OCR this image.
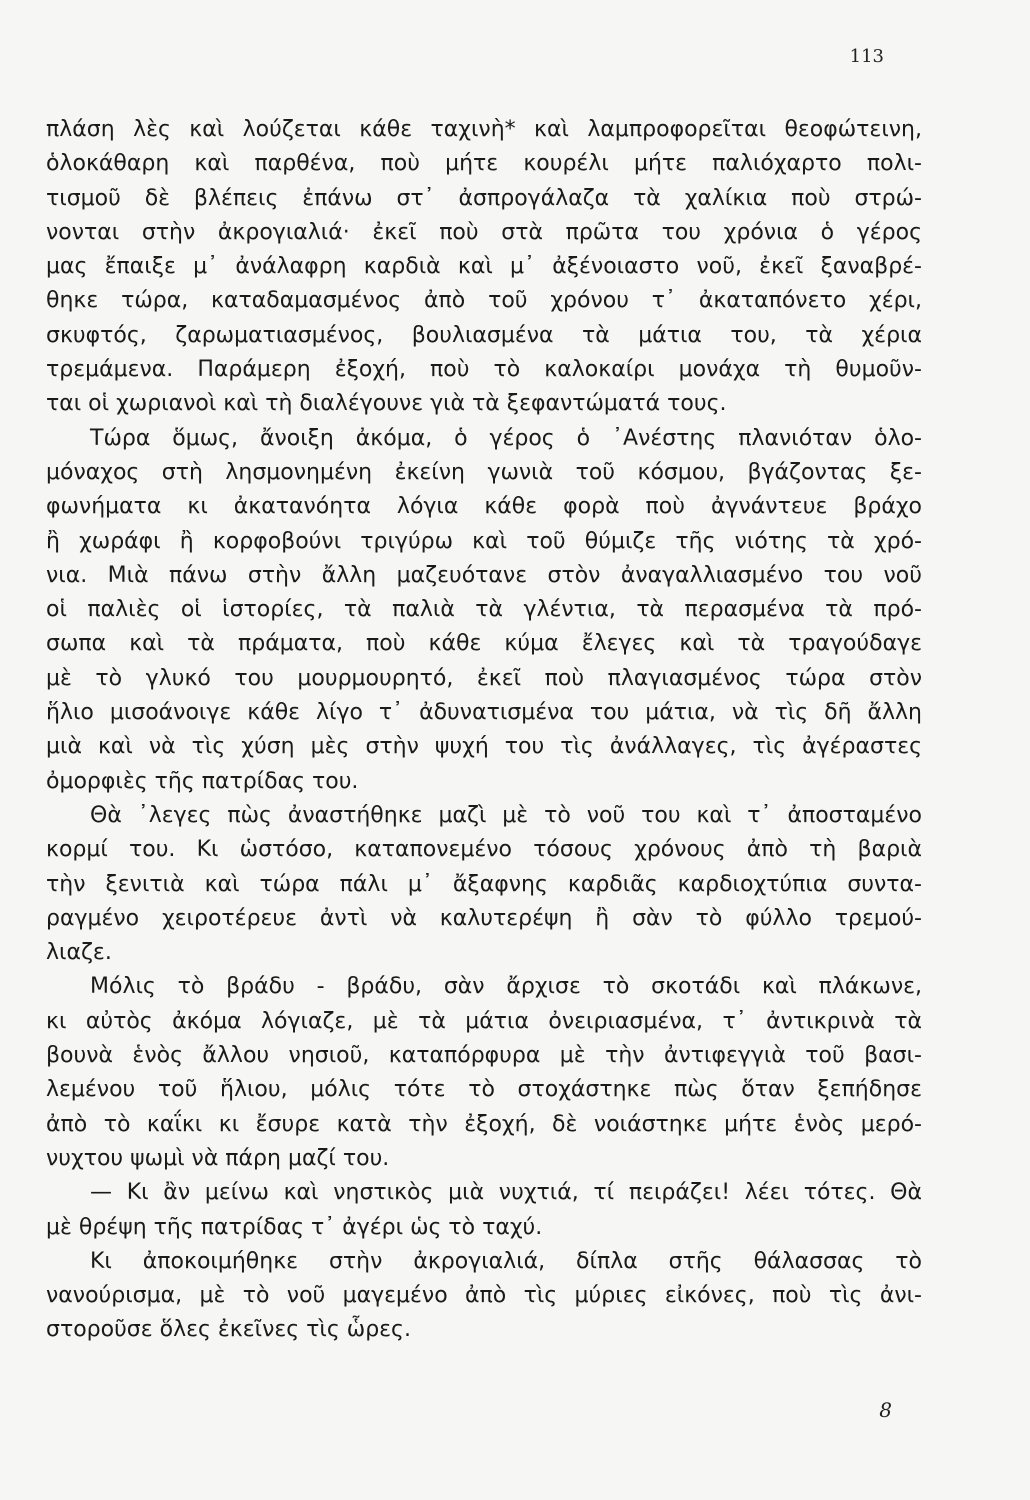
113
πλάση λὲς καὶ λούζεται κάθε ταχινὴ* καὶ λαμπροφορεῖται θεοφώτεινη,
ὁλοκάθαρη καὶ παρθένα, ποὺ μήτε κουρέλι μήτε παλιόχαρτο πολι-
τισμοῦ δὲ βλέπεις ἐπάνω στ᾽ ἀσπρογάλαζα τὰ χαλίκια ποὺ στρώ-
νονται στὴν ἀκρογιαλιά· ἐκεῖ ποὺ στὰ πρῶτα του χρόνια ὁ γέρος
μας ἔπαιξε μ᾽ ἀνάλαφρη καρδιὰ καὶ μ᾽ ἀξένοιαστο νοῦ, ἐκεῖ ξαναβρέ-
θηκε τώρα, καταδαμασμένος ἀπὸ τοῦ χρόνου τ᾽ ἀκαταπόνετο χέρι,
σκυφτός, ζαρωματιασμένος, βουλιασμένα τὰ μάτια του, τὰ χέρια
τρεμάμενα. Παράμερη ἐξοχή, ποὺ τὸ καλοκαίρι μονάχα τὴ θυμοῦν-
ται οἱ χωριανοὶ καὶ τὴ διαλέγουνε γιὰ τὰ ξεφαντώματά τους.
Τώρα ὅμως, ἄνοιξη ἀκόμα, ὁ γέρος ὁ ᾽Ανέστης πλανιόταν ὁλο-
μόναχος στὴ λησμονημένη ἐκείνη γωνιὰ τοῦ κόσμου, βγάζοντας ξε-
φωνήματα κι ἀκατανόητα λόγια κάθε φορὰ ποὺ ἀγνάντευε βράχο
ἢ χωράφι ἢ κορφοβούνι τριγύρω καὶ τοῦ θύμιζε τῆς νιότης τὰ χρό-
νια. Μιὰ πάνω στὴν ἄλλη μαζευότανε στὸν ἀναγαλλιασμένο του νοῦ
οἱ παλιὲς οἱ ἱστορίες, τὰ παλιὰ τὰ γλέντια, τὰ περασμένα τὰ πρό-
σωπα καὶ τὰ πράματα, ποὺ κάθε κύμα ἔλεγες καὶ τὰ τραγούδαγε
μὲ τὸ γλυκό του μουρμουρητό, ἐκεῖ ποὺ πλαγιασμένος τώρα στὸν
ἥλιο μισοάνοιγε κάθε λίγο τ᾽ ἀδυνατισμένα του μάτια, νὰ τὶς δῆ ἄλλη
μιὰ καὶ νὰ τὶς χύση μὲς στὴν ψυχή του τὶς ἀνάλλαγες, τὶς ἀγέραστες
ὀμορφιὲς τῆς πατρίδας του.
Θὰ ᾽λεγες πὼς ἀναστήθηκε μαζὶ μὲ τὸ νοῦ του καὶ τ᾽ ἀποσταμένο
κορμί του. Κι ὡστόσο, καταπονεμένο τόσους χρόνους ἀπὸ τὴ βαριὰ
τὴν ξενιτιὰ καὶ τώρα πάλι μ᾽ ἄξαφνης καρδιᾶς καρδιοχτύπια συντα-
ραγμένο χειροτέρευε ἀντὶ νὰ καλυτερέψη ἢ σὰν τὸ φύλλο τρεμού-
λιαζε.
Μόλις τὸ βράδυ - βράδυ, σὰν ἄρχισε τὸ σκοτάδι καὶ πλάκωνε,
κι αὐτὸς ἀκόμα λόγιαζε, μὲ τὰ μάτια ὀνειριασμένα, τ᾽ ἀντικρινὰ τὰ
βουνὰ ἑνὸς ἄλλου νησιοῦ, καταπόρφυρα μὲ τὴν ἀντιφεγγιὰ τοῦ βασι-
λεμένου τοῦ ἥλιου, μόλις τότε τὸ στοχάστηκε πὼς ὅταν ξεπήδησε
ἀπὸ τὸ καΐκι κι ἔσυρε κατὰ τὴν ἐξοχή, δὲ νοιάστηκε μήτε ἑνὸς μερό-
νυχτου ψωμὶ νὰ πάρη μαζί του.
— Κι ἂν μείνω καὶ νηστικὸς μιὰ νυχτιά, τί πειράζει! λέει τότες. Θὰ
μὲ θρέψη τῆς πατρίδας τ᾽ ἀγέρι ὡς τὸ ταχύ.
Κι ἀποκοιμήθηκε στὴν ἀκρογιαλιά, δίπλα στῆς θάλασσας τὸ
νανούρισμα, μὲ τὸ νοῦ μαγεμένο ἀπὸ τὶς μύριες εἰκόνες, ποὺ τὶς ἀνι-
στοροῦσε ὅλες ἐκεῖνες τὶς ὧρες.
8
